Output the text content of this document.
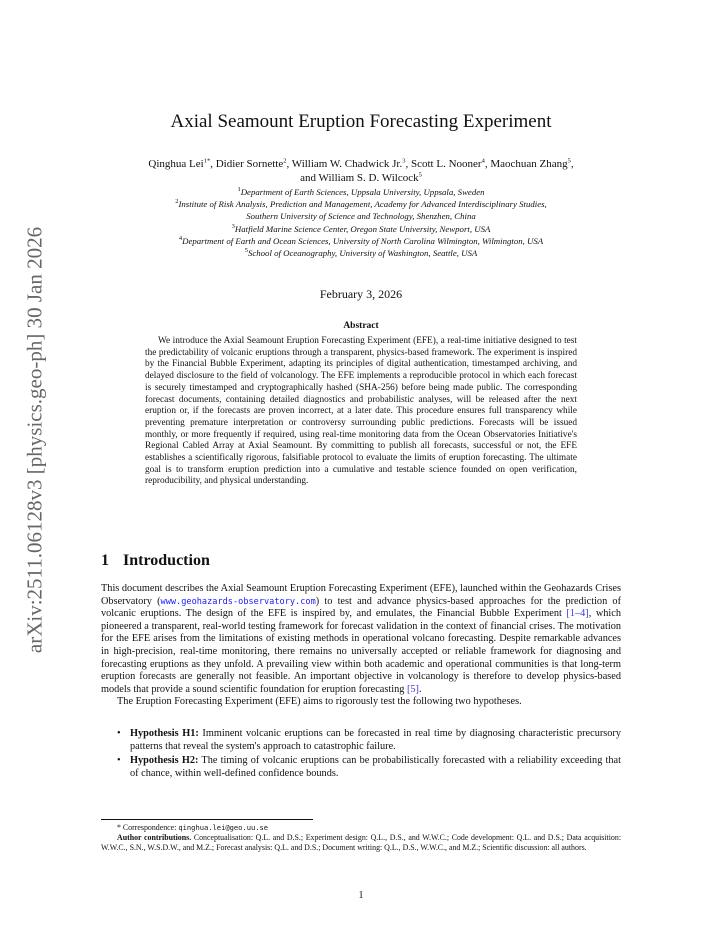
arXiv:2511.06128v3 [physics.geo-ph] 30 Jan 2026
Axial Seamount Eruption Forecasting Experiment
Qinghua Lei$^{1*}$, Didier Sornette$^2$, William W. Chadwick Jr.$^3$, Scott L. Nooner$^4$, Maochuan Zhang$^5$,
and William S. D. Wilcock$^5$
$^1$Department of Earth Sciences, Uppsala University, Uppsala, Sweden
$^2$Institute of Risk Analysis, Prediction and Management, Academy for Advanced Interdisciplinary Studies,
Southern University of Science and Technology, Shenzhen, China
$^3$Hatfield Marine Science Center, Oregon State University, Newport, USA
$^4$Department of Earth and Ocean Sciences, University of North Carolina Wilmington, Wilmington, USA
$^5$School of Oceanography, University of Washington, Seattle, USA
February 3, 2026
Abstract
We introduce the Axial Seamount Eruption Forecasting Experiment (EFE), a real-time initiative designed to test the predictability of volcanic eruptions through a transparent, physics-based framework. The experiment is inspired by the Financial Bubble Experiment, adapting its principles of digital authentication, timestamped archiving, and delayed disclosure to the field of volcanology. The EFE implements a reproducible protocol in which each forecast is securely timestamped and cryptographically hashed (SHA-256) before being made public. The corresponding forecast documents, containing detailed diagnostics and probabilistic analyses, will be released after the next eruption or, if the forecasts are proven incorrect, at a later date. This procedure ensures full transparency while preventing premature interpretation or controversy surrounding public predictions. Forecasts will be issued monthly, or more frequently if required, using real-time monitoring data from the Ocean Observatories Initiative's Regional Cabled Array at Axial Seamount. By committing to publish all forecasts, successful or not, the EFE establishes a scientifically rigorous, falsifiable protocol to evaluate the limits of eruption forecasting. The ultimate goal is to transform eruption prediction into a cumulative and testable science founded on open verification, reproducibility, and physical understanding.
1 Introduction

This document describes the Axial Seamount Eruption Forecasting Experiment (EFE), launched within the Geohazards Crises Observatory (www.geohazards-observatory.com) to test and advance physics-based approaches for the prediction of volcanic eruptions. The design of the EFE is inspired by, and emulates, the Financial Bubble Experiment [1–4], which pioneered a transparent, real-world testing framework for forecast validation in the context of financial crises. The motivation for the EFE arises from the limitations of existing methods in operational volcano forecasting. Despite remarkable advances in high-precision, real-time monitoring, there remains no universally accepted or reliable framework for diagnosing and forecasting eruptions as they unfold. A prevailing view within both academic and operational communities is that long-term eruption forecasts are generally not feasible. An important objective in volcanology is therefore to develop physics-based models that provide a sound scientific foundation for eruption forecasting [5].

The Eruption Forecasting Experiment (EFE) aims to rigorously test the following two hypotheses.

• Hypothesis H1: Imminent volcanic eruptions can be forecasted in real time by diagnosing characteristic precursory patterns that reveal the system's approach to catastrophic failure.
• Hypothesis H2: The timing of volcanic eruptions can be probabilistically forecasted with a reliability exceeding that of chance, within well-defined confidence bounds.

* Correspondence: qinghua.lei@geo.uu.se

Author contributions. Conceptualisation: Q.L. and D.S.; Experiment design: Q.L., D.S., and W.W.C.; Code development: Q.L. and D.S.; Data acquisition: W.W.C., S.N., W.S.D.W., and M.Z.; Forecast analysis: Q.L. and D.S.; Document writing: Q.L., D.S., W.W.C., and M.Z.; Scientific discussion: all authors.

1
